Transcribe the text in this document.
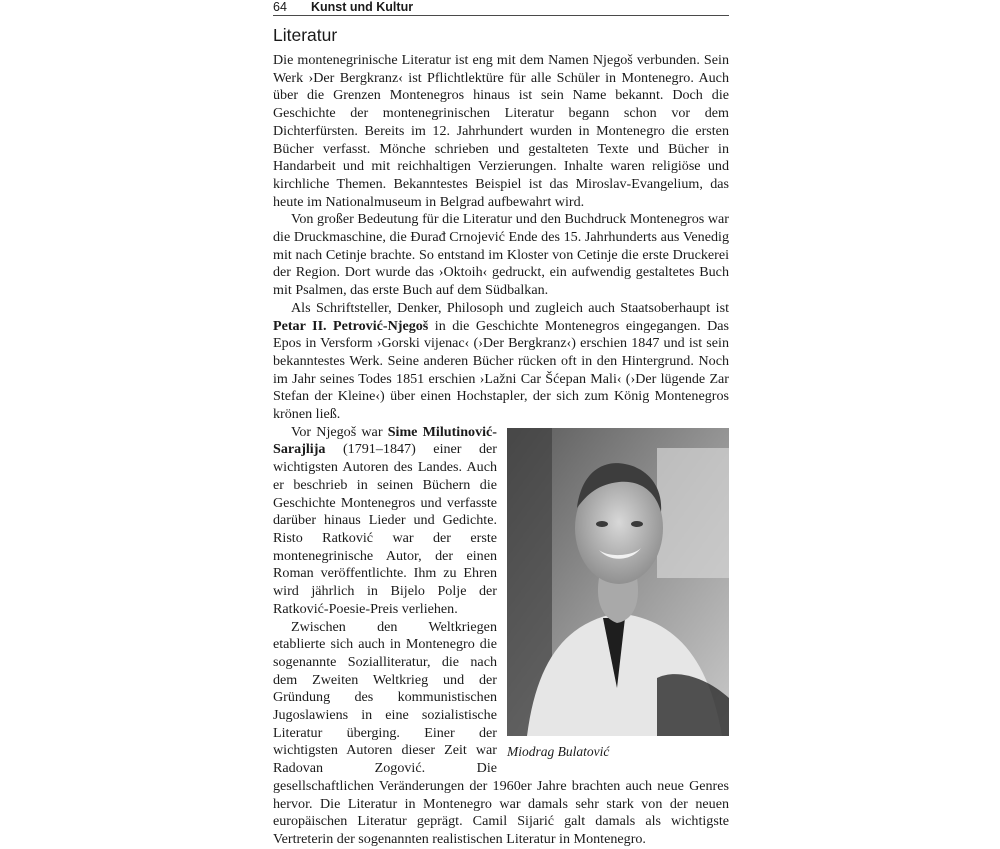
64 Kunst und Kultur
Literatur

Die montenegrinische Literatur ist eng mit dem Namen Njegoš verbunden. Sein Werk ›Der Bergkranz‹ ist Pflichtlektüre für alle Schüler in Montenegro. Auch über die Grenzen Montenegros hinaus ist sein Name bekannt. Doch die Geschichte der montenegrinischen Literatur begann schon vor dem Dichterfürsten. Bereits im 12. Jahrhundert wurden in Montenegro die ersten Bücher verfasst. Mönche schrieben und gestalteten Texte und Bücher in Handarbeit und mit reichhaltigen Verzierungen. Inhalte waren religiöse und kirchliche Themen. Bekanntestes Beispiel ist das Miroslav-Evangelium, das heute im Nationalmuseum in Belgrad aufbewahrt wird.

Von großer Bedeutung für die Literatur und den Buchdruck Montenegros war die Druckmaschine, die Đurađ Crnojević Ende des 15. Jahrhunderts aus Venedig mit nach Cetinje brachte. So entstand im Kloster von Cetinje die erste Druckerei der Region. Dort wurde das ›Oktoih‹ gedruckt, ein aufwendig gestaltetes Buch mit Psalmen, das erste Buch auf dem Südbalkan.

Als Schriftsteller, Denker, Philosoph und zugleich auch Staatsoberhaupt ist Petar II. Petrović-Njegoš in die Geschichte Montenegros eingegangen. Das Epos in Versform ›Gorski vijenac‹ (›Der Bergkranz‹) erschien 1847 und ist sein bekanntestes Werk. Seine anderen Bücher rücken oft in den Hintergrund. Noch im Jahr seines Todes 1851 erschien ›Lažni Car Šćepan Mali‹ (›Der lügende Zar Stefan der Kleine‹) über einen Hochstapler, der sich zum König Montenegros krönen ließ.

Miodrag Bulatović
Vor Njegoš war Sime Milutinović-Sarajlija (1791–1847) einer der wichtigsten Autoren des Landes. Auch er beschrieb in seinen Büchern die Geschichte Montenegros und verfasste darüber hinaus Lieder und Gedichte. Risto Ratković war der erste montenegrinische Autor, der einen Roman veröffentlichte. Ihm zu Ehren wird jährlich in Bijelo Polje der Ratković-Poesie-Preis verliehen.

Zwischen den Weltkriegen etablierte sich auch in Montenegro die sogenannte Sozialliteratur, die nach dem Zweiten Weltkrieg und der Gründung des kommunistischen Jugoslawiens in eine sozialistische Literatur überging. Einer der wichtigsten Autoren dieser Zeit war Radovan Zogović. Die gesellschaftlichen Veränderungen der 1960er Jahre brachten auch neue Genres hervor. Die Literatur in Montenegro war damals sehr stark von der neuen europäischen Literatur geprägt. Camil Sijarić galt damals als wichtigste Vertreterin der sogenannten realistischen Literatur in Montenegro.
